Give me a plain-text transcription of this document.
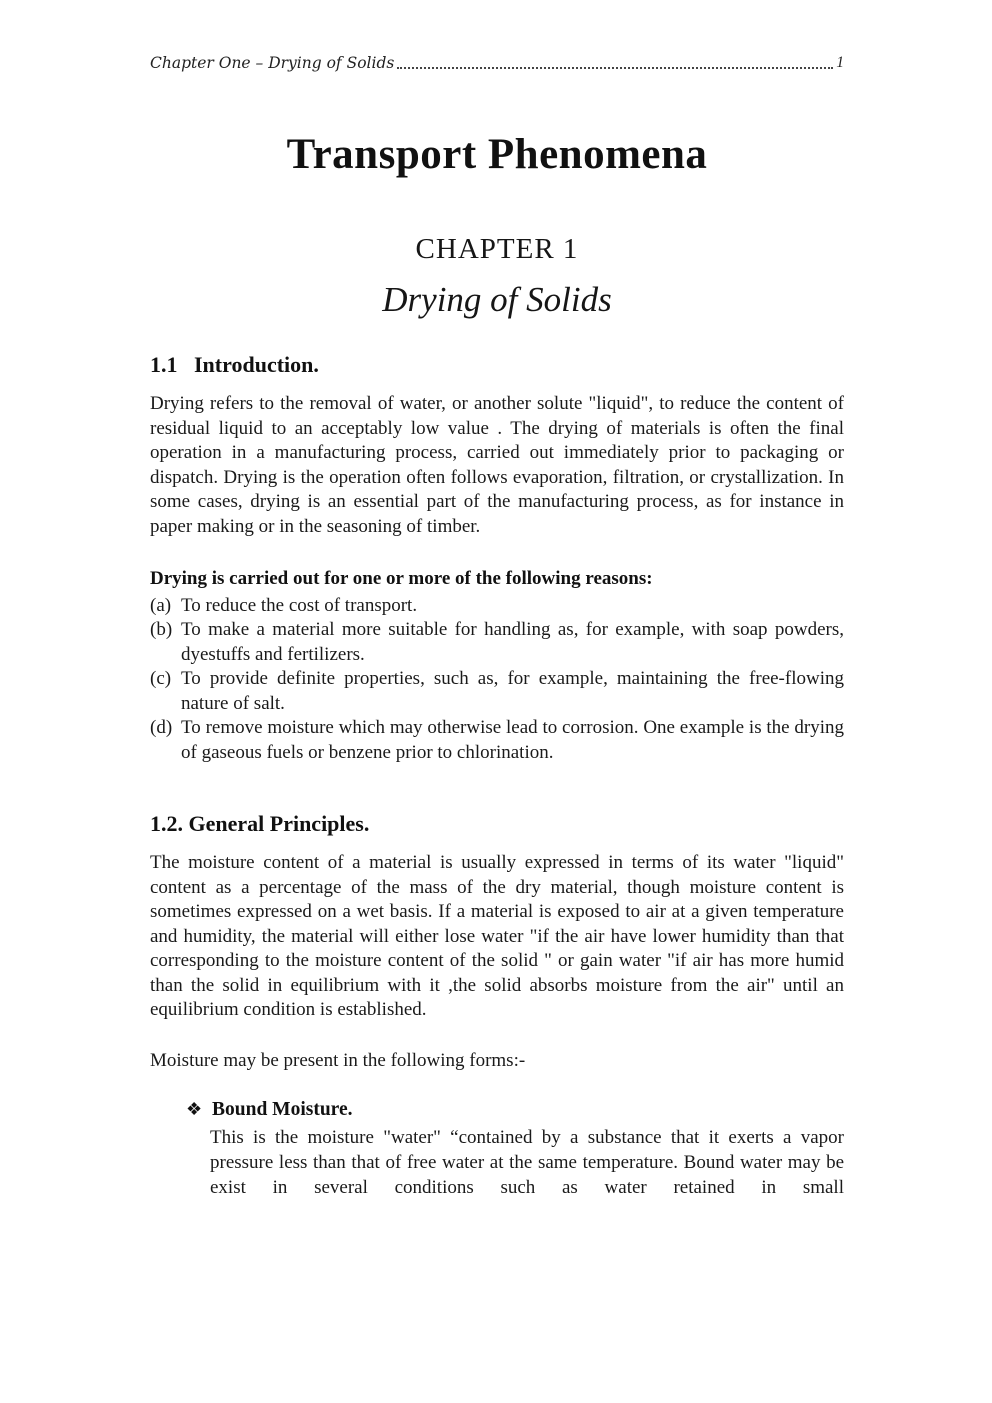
Chapter One – Drying of Solids	1
Transport Phenomena
CHAPTER 1
Drying of Solids
1.1   Introduction.

Drying refers to the removal of water, or another solute "liquid", to reduce the content of residual liquid to an acceptably low value . The drying of materials is often the final operation in a manufacturing process, carried out immediately prior to packaging or dispatch. Drying is the operation often follows evaporation, filtration, or crystallization. In some cases, drying is an essential part of the manufacturing process, as for instance in paper making or in the seasoning of timber.

Drying is carried out for one or more of the following reasons:

(a) To reduce the cost of transport.
(b) To make a material more suitable for handling as, for example, with soap powders, dyestuffs and fertilizers.
(c) To provide definite properties, such as, for example, maintaining the free-flowing nature of salt.
(d) To remove moisture which may otherwise lead to corrosion. One example is the drying of gaseous fuels or benzene prior to chlorination.
1.2. General Principles.

The moisture content of a material is usually expressed in terms of its water "liquid" content as a percentage of the mass of the dry material, though moisture content is sometimes expressed on a wet basis. If a material is exposed to air at a given temperature and humidity, the material will either lose water "if the air have lower humidity than that corresponding to the moisture content of the solid " or gain water "if air has more humid than the solid in equilibrium with it ,the solid absorbs moisture from the air" until an equilibrium condition is established.

Moisture may be present in the following forms:-

❖ Bound Moisture.

This is the moisture "water" “contained by a substance that it exerts a vapor pressure less than that of free water at the same temperature. Bound water may be exist in several conditions such as water retained in small
